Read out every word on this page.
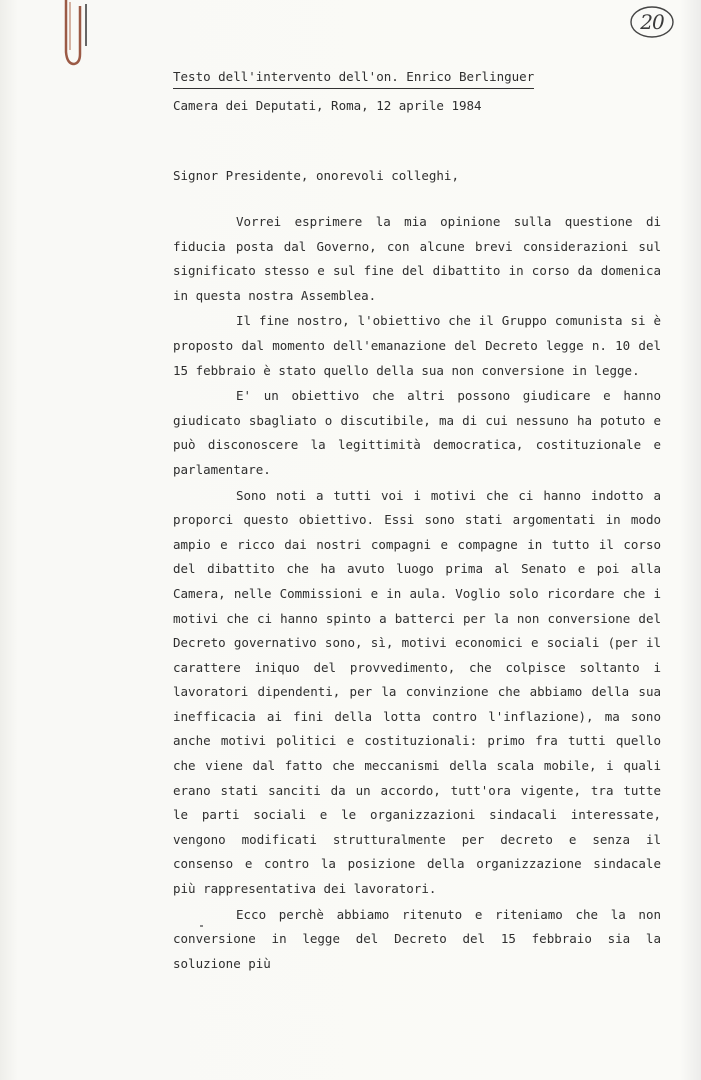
20
Testo dell'intervento dell'on. Enrico Berlinguer
Camera dei Deputati, Roma, 12 aprile 1984
Signor Presidente, onorevoli colleghi,

Vorrei esprimere la mia opinione sulla questione di fiducia posta dal Governo, con alcune brevi considerazioni sul significato stesso e sul fine del dibattito in corso da domenica in questa nostra Assemblea.

Il fine nostro, l'obiettivo che il Gruppo comunista si è proposto dal momento dell'emanazione del Decreto legge n. 10 del 15 febbraio è stato quello della sua non conversione in legge.

E' un obiettivo che altri possono giudicare e hanno giudicato sbagliato o discutibile, ma di cui nessuno ha potuto e può disconoscere la legittimità democratica, costituzionale e parlamentare.

Sono noti a tutti voi i motivi che ci hanno indotto a proporci questo obiettivo. Essi sono stati argomentati in modo ampio e ricco dai nostri compagni e compagne in tutto il corso del dibattito che ha avuto luogo prima al Senato e poi alla Camera, nelle Commissioni e in aula. Voglio solo ricordare che i motivi che ci hanno spinto a batterci per la non conversione del Decreto governativo sono, sì, motivi economici e sociali (per il carattere iniquo del provvedimento, che colpisce soltanto i lavoratori dipendenti, per la convinzione che abbiamo della sua inefficacia ai fini della lotta contro l'inflazione), ma sono anche motivi politici e costituzionali: primo fra tutti quello che viene dal fatto che meccanismi della scala mobile, i quali erano stati sanciti da un accordo, tutt'ora vigente, tra tutte le parti sociali e le organizzazioni sindacali interessate, vengono modificati strutturalmente per decreto e senza il consenso e contro la posizione della organizzazione sindacale più rappresentativa dei lavoratori.

Ecco perchè abbiamo ritenuto e riteniamo che la non conversione in legge del Decreto del 15 febbraio sia la soluzione più
